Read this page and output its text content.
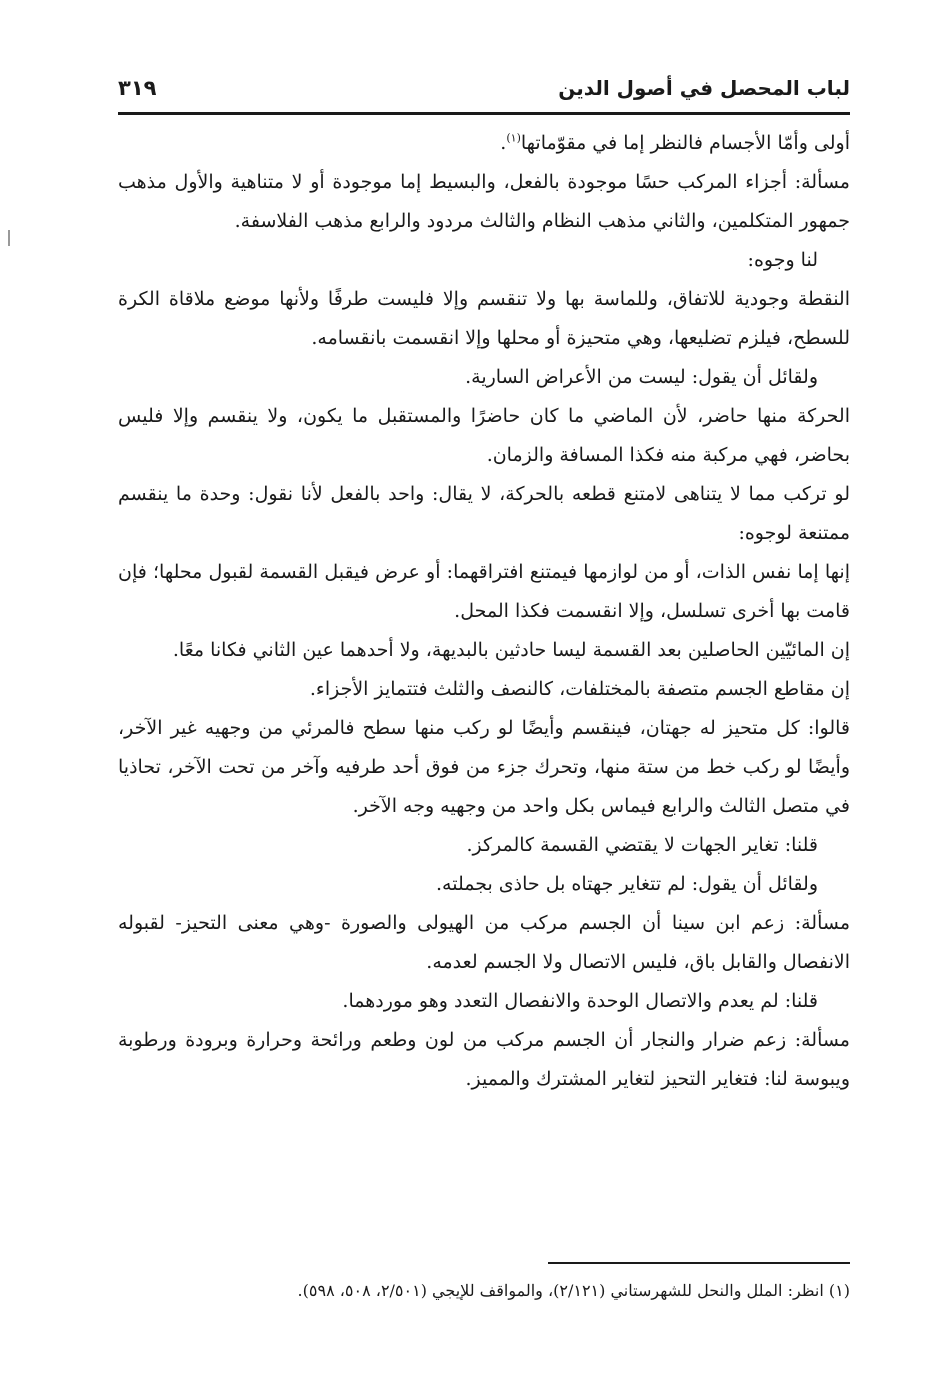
لباب المحصل في أصول الدين
٣١٩

أولى وأمّا الأجسام فالنظر إما في مقوّماتها$^{(١)}$.

مسألة: أجزاء المركب حسًا موجودة بالفعل، والبسيط إما موجودة أو لا متناهية والأول مذهب جمهور المتكلمين، والثاني مذهب النظام والثالث مردود والرابع مذهب الفلاسفة.

لنا وجوه:

النقطة وجودية للاتفاق، وللماسة بها ولا تنقسم وإلا فليست طرفًا ولأنها موضع ملاقاة الكرة للسطح، فيلزم تضليعها، وهي متحيزة أو محلها وإلا انقسمت بانقسامه.

ولقائل أن يقول: ليست من الأعراض السارية.

الحركة منها حاضر، لأن الماضي ما كان حاضرًا والمستقبل ما يكون، ولا ينقسم وإلا فليس بحاضر، فهي مركبة منه فكذا المسافة والزمان.

لو تركب مما لا يتناهى لامتنع قطعه بالحركة، لا يقال: واحد بالفعل لأنا نقول: وحدة ما ينقسم ممتنعة لوجوه:

إنها إما نفس الذات، أو من لوازمها فيمتنع افتراقهما: أو عرض فيقبل القسمة لقبول محلها؛ فإن قامت بها أخرى تسلسل، وإلا انقسمت فكذا المحل.

إن المائيّين الحاصلين بعد القسمة ليسا حادثين بالبديهة، ولا أحدهما عين الثاني فكانا معًا.

إن مقاطع الجسم متصفة بالمختلفات، كالنصف والثلث فتتمايز الأجزاء.

قالوا: كل متحيز له جهتان، فينقسم وأيضًا لو ركب منها سطح فالمرئي من وجهيه غير الآخر، وأيضًا لو ركب خط من ستة منها، وتحرك جزء من فوق أحد طرفيه وآخر من تحت الآخر، تحاذيا في متصل الثالث والرابع فيماس بكل واحد من وجهيه وجه الآخر.

قلنا: تغاير الجهات لا يقتضي القسمة كالمركز.

ولقائل أن يقول: لم تتغاير جهتاه بل حاذى بجملته.

مسألة: زعم ابن سينا أن الجسم مركب من الهيولى والصورة -وهي معنى التحيز- لقبوله الانفصال والقابل باق، فليس الاتصال ولا الجسم لعدمه.

قلنا: لم يعدم والاتصال الوحدة والانفصال التعدد وهو موردهما.

مسألة: زعم ضرار والنجار أن الجسم مركب من لون وطعم ورائحة وحرارة وبرودة ورطوبة ويبوسة لنا: فتغاير التحيز لتغاير المشترك والمميز.

(١) انظر: الملل والنحل للشهرستاني (٢/١٢١)، والمواقف للإيجي (٢/٥٠١، ٥٠٨، ٥٩٨).
